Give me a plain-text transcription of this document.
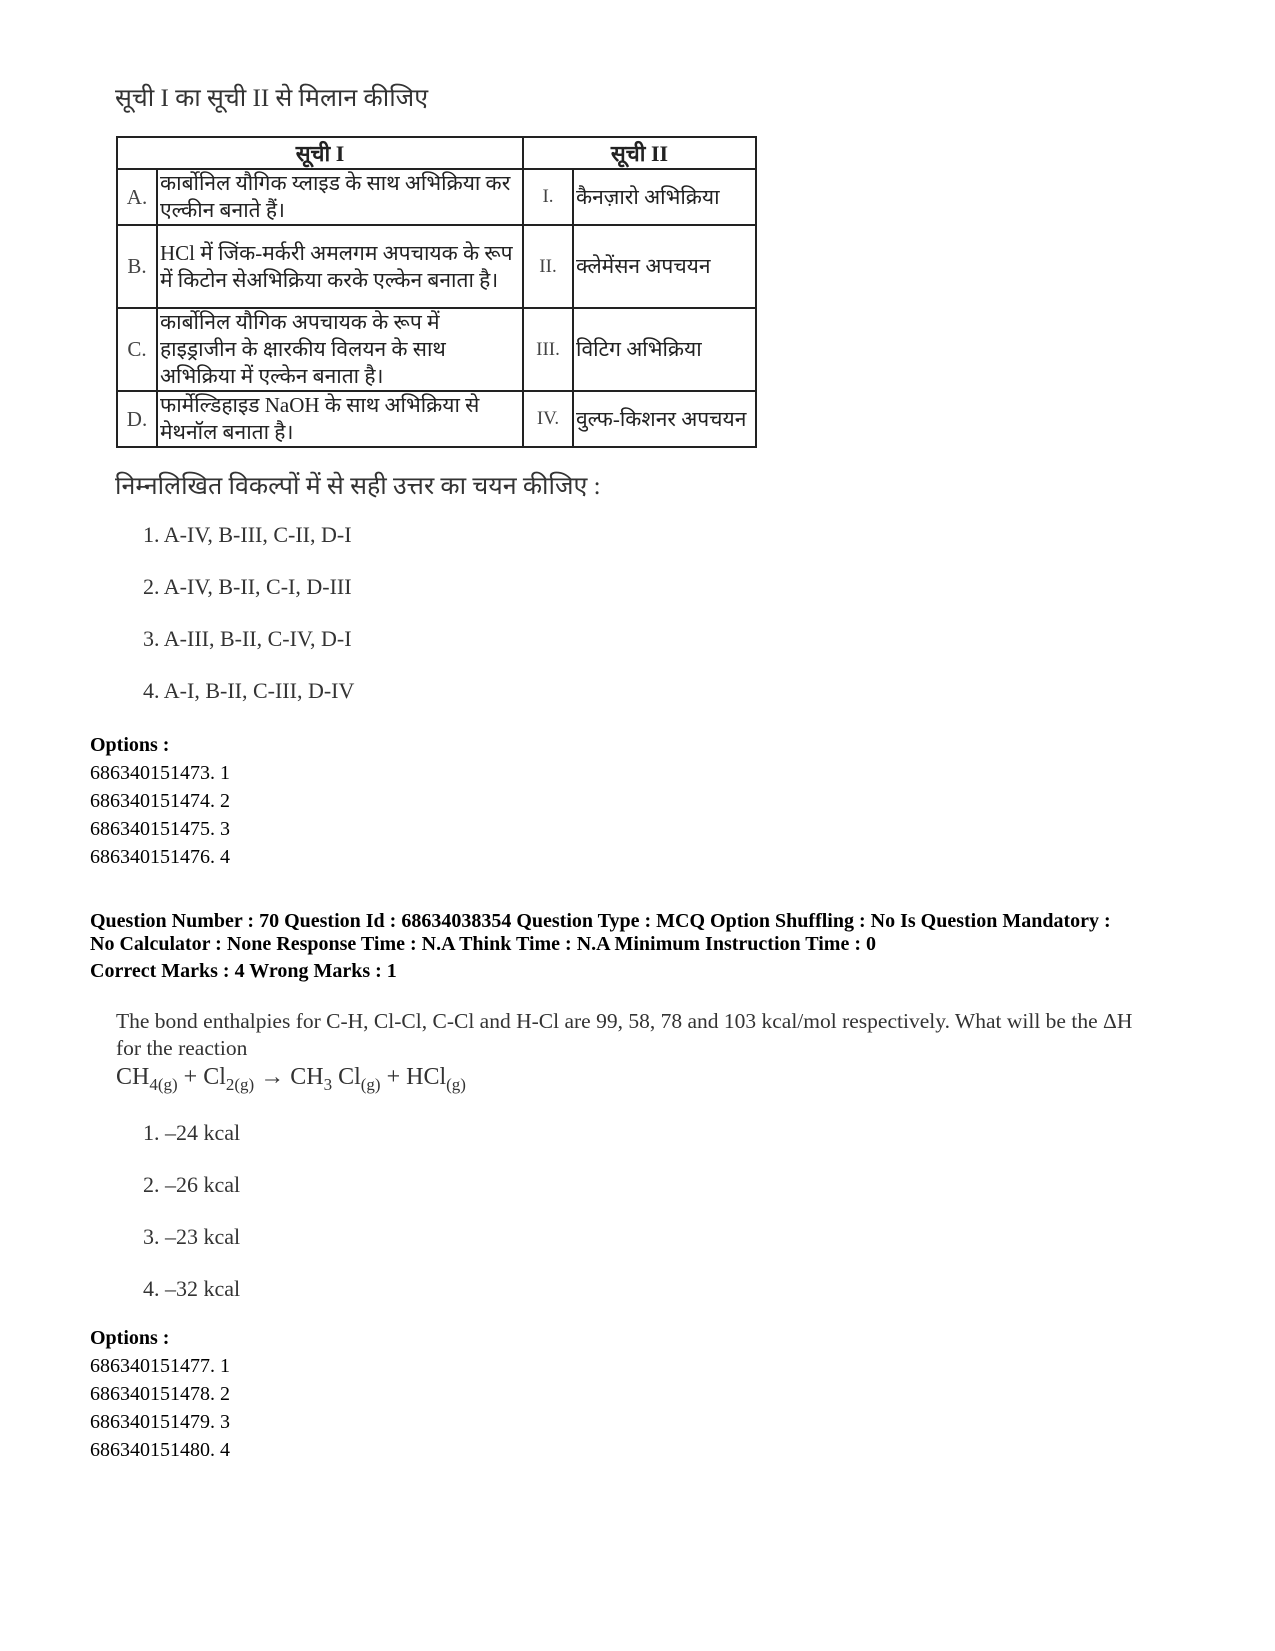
सूची I का सूची II से मिलान कीजिए
सूची I		सूची II	
A.	कार्बोनिल यौगिक य्लाइड के साथ अभिक्रिया कर एल्कीन बनाते हैं।	I.	कैनज़ारो अभिक्रिया
B.	HCl में जिंक-मर्करी अमलगम अपचायक के रूप में किटोन सेअभिक्रिया करके एल्केन बनाता है।	II.	क्लेमेंसन अपचयन
C.	कार्बोनिल यौगिक अपचायक के रूप में हाइड्राजीन के क्षारकीय विलयन के साथ अभिक्रिया में एल्केन बनाता है।	III.	विटिग अभिक्रिया
D.	फार्मेल्डिहाइड NaOH के साथ अभिक्रिया से मेथनॉल बनाता है।	IV.	वुल्फ-किशनर अपचयन
निम्नलिखित विकल्पों में से सही उत्तर का चयन कीजिए :
1. A-IV, B-III, C-II, D-I
2. A-IV, B-II, C-I, D-III
3. A-III, B-II, C-IV, D-I
4. A-I, B-II, C-III, D-IV
Options :
686340151473. 1
686340151474. 2
686340151475. 3
686340151476. 4
Question Number : 70 Question Id : 68634038354 Question Type : MCQ Option Shuffling : No Is Question Mandatory :
No Calculator : None Response Time : N.A Think Time : N.A Minimum Instruction Time : 0
Correct Marks : 4 Wrong Marks : 1
The bond enthalpies for C-H, Cl-Cl, C-Cl and H-Cl are 99, 58, 78 and 103 kcal/mol respectively. What will be the ΔH for the reaction
$CH_{4(g)} + Cl_{2(g)} \to CH_3$ $Cl_{(g)} + HCl_{(g)}$
1. –24 kcal
2. –26 kcal
3. –23 kcal
4. –32 kcal
Options :
686340151477. 1
686340151478. 2
686340151479. 3
686340151480. 4
